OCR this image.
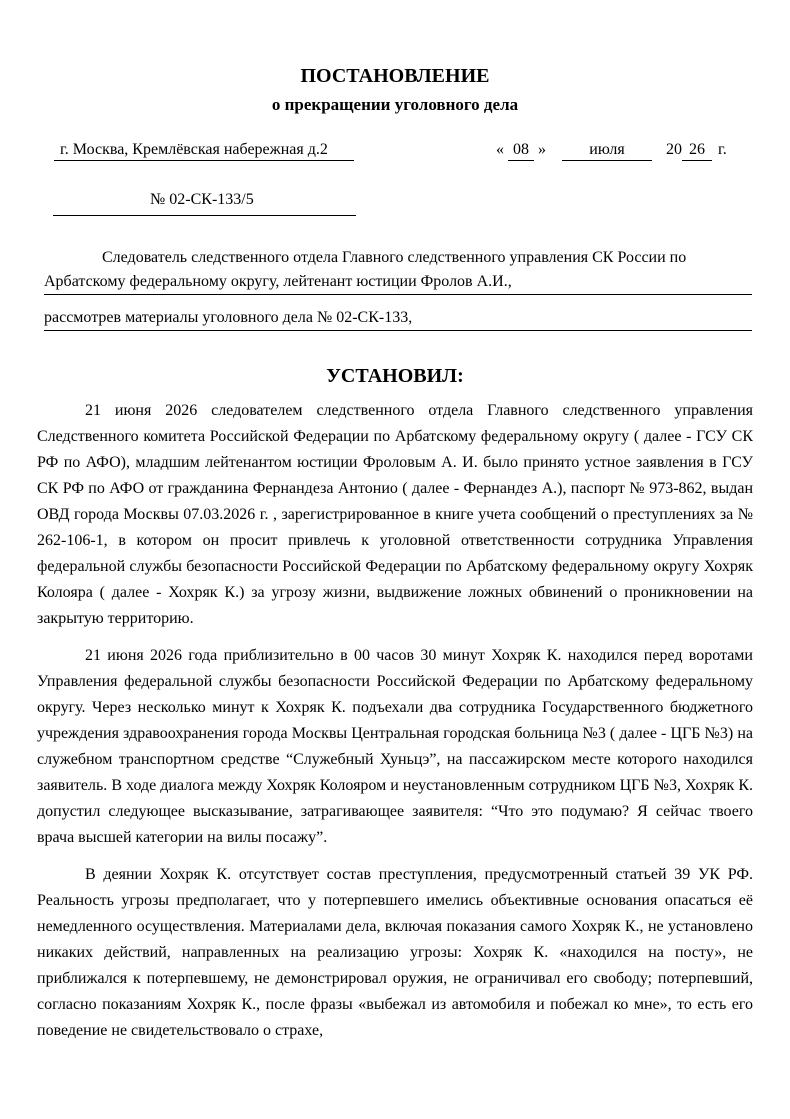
ПОСТАНОВЛЕНИЕ
о прекращении уголовного дела
г. Москва, Кремлёвская набережная д.2	« 08 »	июля	20 26 г.
№ 02-СК-133/5
Следователь следственного отдела Главного следственного управления СК России по
Арбатскому федеральному округу, лейтенант юстиции Фролов А.И.,
рассмотрев материалы уголовного дела № 02-СК-133,
УСТАНОВИЛ:

21 июня 2026 следователем следственного отдела Главного следственного управления Следственного комитета Российской Федерации по Арбатскому федеральному округу ( далее - ГСУ СК РФ по АФО), младшим лейтенантом юстиции Фроловым А. И. было принято устное заявления в ГСУ СК РФ по АФО от гражданина Фернандеза Антонио ( далее - Фернандез А.), паспорт № 973-862, выдан ОВД города Москвы 07.03.2026 г. , зарегистрированное в книге учета сообщений о преступлениях за № 262-106-1, в котором он просит привлечь к уголовной ответственности сотрудника Управления федеральной службы безопасности Российской Федерации по Арбатскому федеральному округу Хохряк Колояра ( далее - Хохряк К.) за угрозу жизни, выдвижение ложных обвинений о проникновении на закрытую территорию.

21 июня 2026 года приблизительно в 00 часов 30 минут Хохряк К. находился перед воротами Управления федеральной службы безопасности Российской Федерации по Арбатскому федеральному округу. Через несколько минут к Хохряк К. подъехали два сотрудника Государственного бюджетного учреждения здравоохранения города Москвы Центральная городская больница №3 ( далее - ЦГБ №3) на служебном транспортном средстве “Служебный Хуньцэ”, на пассажирском месте которого находился заявитель. В ходе диалога между Хохряк Колояром и неустановленным сотрудником ЦГБ №3, Хохряк К. допустил следующее высказывание, затрагивающее заявителя: “Что это подумаю? Я сейчас твоего врача высшей категории на вилы посажу”.

В деянии Хохряк К. отсутствует состав преступления, предусмотренный статьей 39 УК РФ. Реальность угрозы предполагает, что у потерпевшего имелись объективные основания опасаться её немедленного осуществления. Материалами дела, включая показания самого Хохряк К., не установлено никаких действий, направленных на реализацию угрозы: Хохряк К. «находился на посту», не приближался к потерпевшему, не демонстрировал оружия, не ограничивал его свободу; потерпевший, согласно показаниям Хохряк К., после фразы «выбежал из автомобиля и побежал ко мне», то есть его поведение не свидетельствовало о страхе,
